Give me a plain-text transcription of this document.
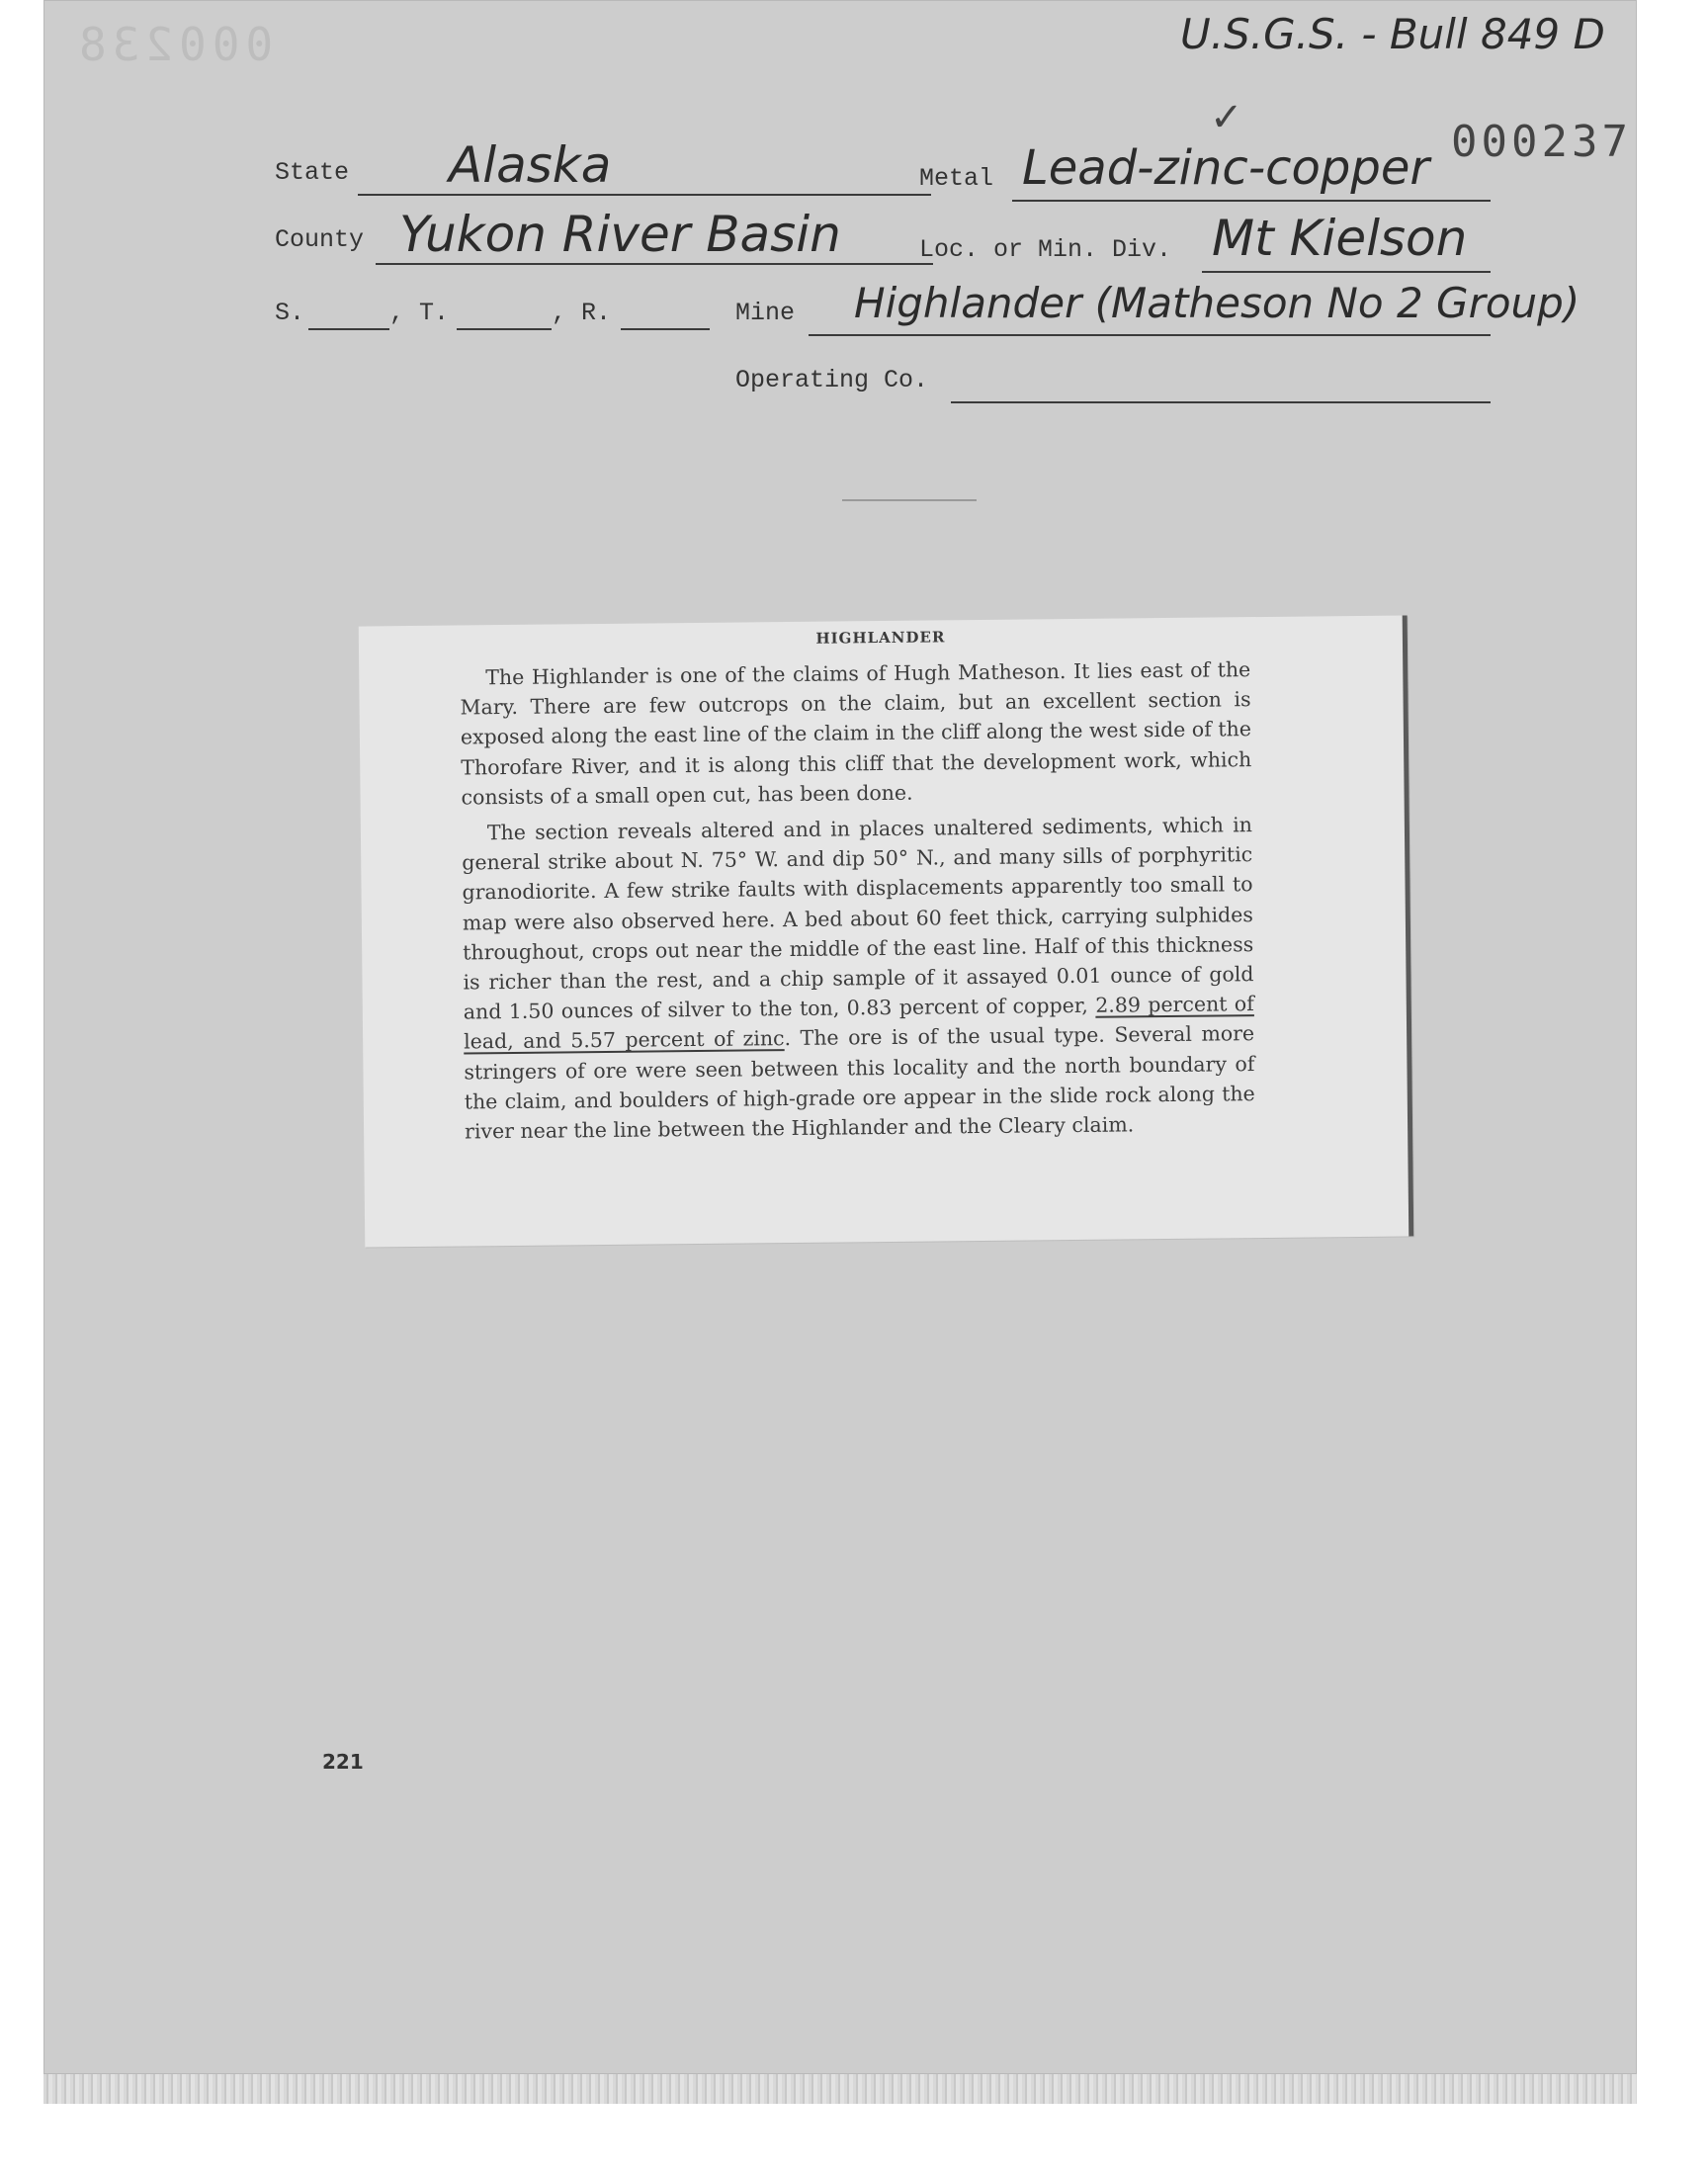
000238	U.S.G.S. - Bull 849 D
✓	000237
State Alaska	Metal Lead-zinc-copper
County Yukon River Basin	Loc. or Min. Div. Mt Kielson
S.	, T.	, R.	Mine Highlander (Matheson No 2 Group)
Operating Co.
HIGHLANDER

The Highlander is one of the claims of Hugh Matheson. It lies east of the Mary. There are few outcrops on the claim, but an excellent section is exposed along the east line of the claim in the cliff along the west side of the Thorofare River, and it is along this cliff that the development work, which consists of a small open cut, has been done.

The section reveals altered and in places unaltered sediments, which in general strike about N. 75° W. and dip 50° N., and many sills of porphyritic granodiorite. A few strike faults with displacements apparently too small to map were also observed here. A bed about 60 feet thick, carrying sulphides throughout, crops out near the middle of the east line. Half of this thickness is richer than the rest, and a chip sample of it assayed 0.01 ounce of gold and 1.50 ounces of silver to the ton, 0.83 percent of copper, 2.89 percent of lead, and 5.57 percent of zinc. The ore is of the usual type. Several more stringers of ore were seen between this locality and the north boundary of the claim, and boulders of high-grade ore appear in the slide rock along the river near the line between the Highlander and the Cleary claim.

221
